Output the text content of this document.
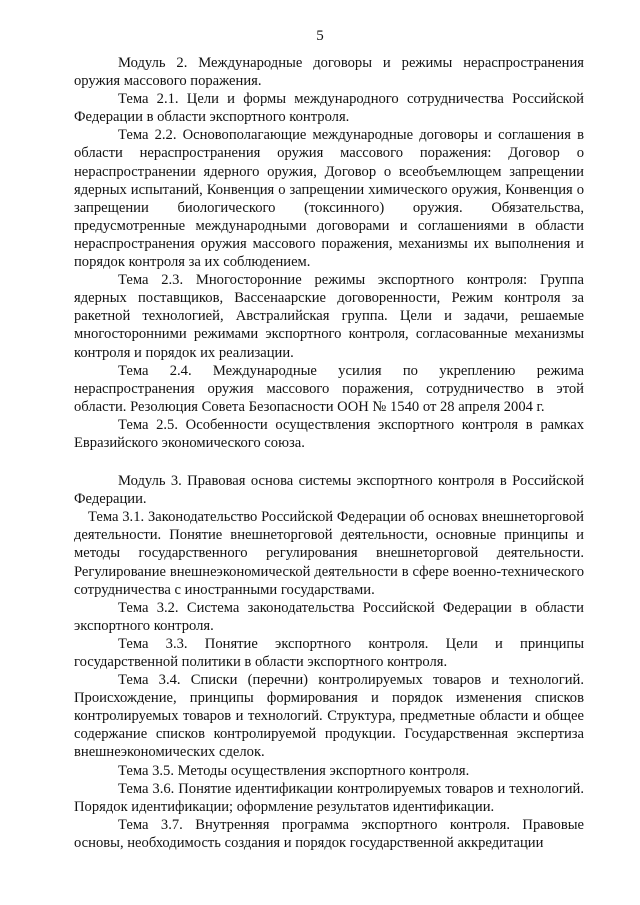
5

Модуль 2. Международные договоры и режимы нераспространения оружия массового поражения.

Тема 2.1. Цели и формы международного сотрудничества Российской Федерации в области экспортного контроля.

Тема 2.2. Основополагающие международные договоры и соглашения в области нераспространения оружия массового поражения: Договор о нераспространении ядерного оружия, Договор о всеобъемлющем запрещении ядерных испытаний, Конвенция о запрещении химического оружия, Конвенция о запрещении биологического (токсинного) оружия. Обязательства, предусмотренные международными договорами и соглашениями в области нераспространения оружия массового поражения, механизмы их выполнения и порядок контроля за их соблюдением.

Тема 2.3. Многосторонние режимы экспортного контроля: Группа ядерных поставщиков, Вассенаарские договоренности, Режим контроля за ракетной технологией, Австралийская группа. Цели и задачи, решаемые многосторонними режимами экспортного контроля, согласованные механизмы контроля и порядок их реализации.

Тема 2.4. Международные усилия по укреплению режима нераспространения оружия массового поражения, сотрудничество в этой области. Резолюция Совета Безопасности ООН № 1540 от 28 апреля 2004 г.

Тема 2.5. Особенности осуществления экспортного контроля в рамках Евразийского экономического союза.

Модуль 3. Правовая основа системы экспортного контроля в Российской Федерации.

Тема 3.1. Законодательство Российской Федерации об основах внешнеторговой деятельности. Понятие внешнеторговой деятельности, основные принципы и методы государственного регулирования внешнеторговой деятельности. Регулирование внешнеэкономической деятельности в сфере военно-технического сотрудничества с иностранными государствами.

Тема 3.2. Система законодательства Российской Федерации в области экспортного контроля.

Тема 3.3. Понятие экспортного контроля. Цели и принципы государственной политики в области экспортного контроля.

Тема 3.4. Списки (перечни) контролируемых товаров и технологий. Происхождение, принципы формирования и порядок изменения списков контролируемых товаров и технологий. Структура, предметные области и общее содержание списков контролируемой продукции. Государственная экспертиза внешнеэкономических сделок.

Тема 3.5. Методы осуществления экспортного контроля.

Тема 3.6. Понятие идентификации контролируемых товаров и технологий. Порядок идентификации; оформление результатов идентификации.

Тема 3.7. Внутренняя программа экспортного контроля. Правовые основы, необходимость создания и порядок государственной аккредитации
